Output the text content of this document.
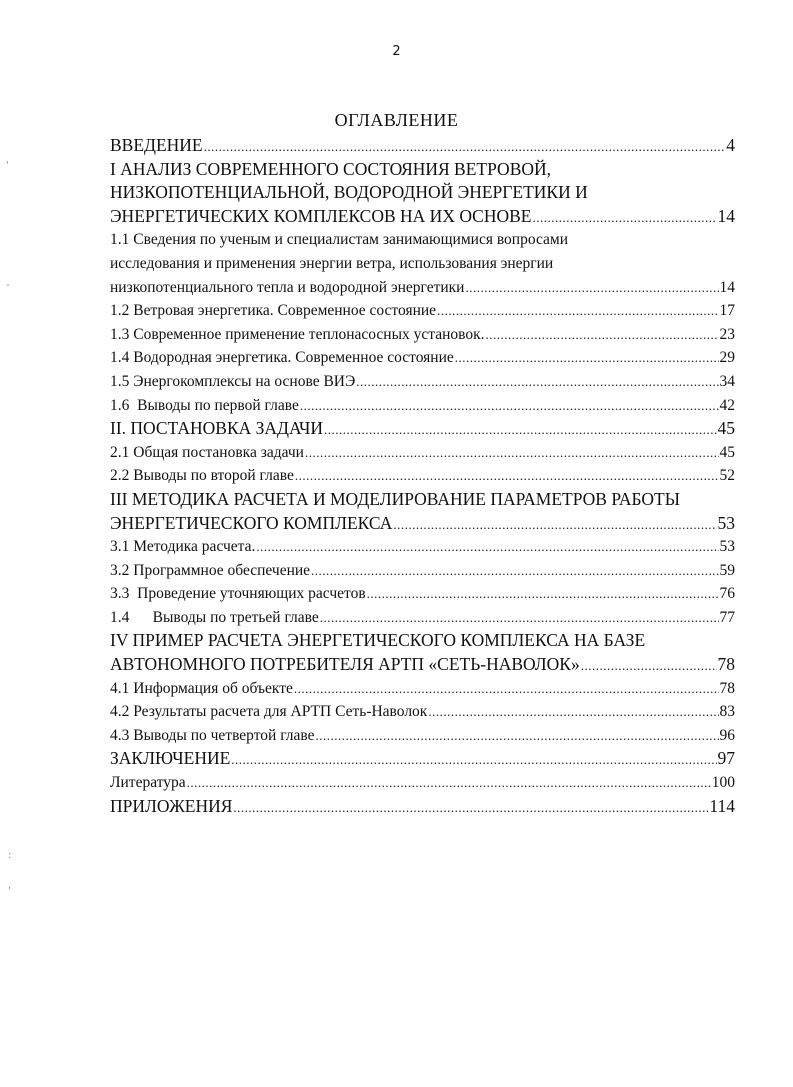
2
ОГЛАВЛЕНИЕ
ВВЕДЕНИЕ .....	4
I АНАЛИЗ СОВРЕМЕННОГО СОСТОЯНИЯ ВЕТРОВОЙ,
НИЗКОПОТЕНЦИАЛЬНОЙ, ВОДОРОДНОЙ ЭНЕРГЕТИКИ И
ЭНЕРГЕТИЧЕСКИХ КОМПЛЕКСОВ НА ИХ ОСНОВЕ .....	14
1.1 Сведения по ученым и специалистам занимающимися вопросами
исследования и применения энергии ветра, использования энергии
низкопотенциального тепла и водородной энергетики .....	14
1.2 Ветровая энергетика. Современное состояние .....	17
1.3 Современное применение теплонасосных установок. .....	23
1.4 Водородная энергетика. Современное состояние .....	29
1.5 Энергокомплексы на основе ВИЭ .....	34
1.6  Выводы по первой главе .....	42
II. ПОСТАНОВКА ЗАДАЧИ .....	45
2.1 Общая постановка задачи .....	45
2.2 Выводы по второй главе .....	52
III МЕТОДИКА РАСЧЕТА И МОДЕЛИРОВАНИЕ ПАРАМЕТРОВ РАБОТЫ
ЭНЕРГЕТИЧЕСКОГО КОМПЛЕКСА .....	53
3.1 Методика расчета. .....	53
3.2 Программное обеспечение .....	59
3.3  Проведение уточняющих расчетов .....	76
1.4      Выводы по третьей главе .....	77
IV ПРИМЕР РАСЧЕТА ЭНЕРГЕТИЧЕСКОГО КОМПЛЕКСА НА БАЗЕ
АВТОНОМНОГО ПОТРЕБИТЕЛЯ АРТП «СЕТЬ-НАВОЛОК» .....	78
4.1 Информация об объекте .....	78
4.2 Результаты расчета для АРТП Сеть-Наволок .....	83
4.3 Выводы по четвертой главе .....	96
ЗАКЛЮЧЕНИЕ .....	97
Литература .....	100
ПРИЛОЖЕНИЯ .....	114
'
-
:
,
